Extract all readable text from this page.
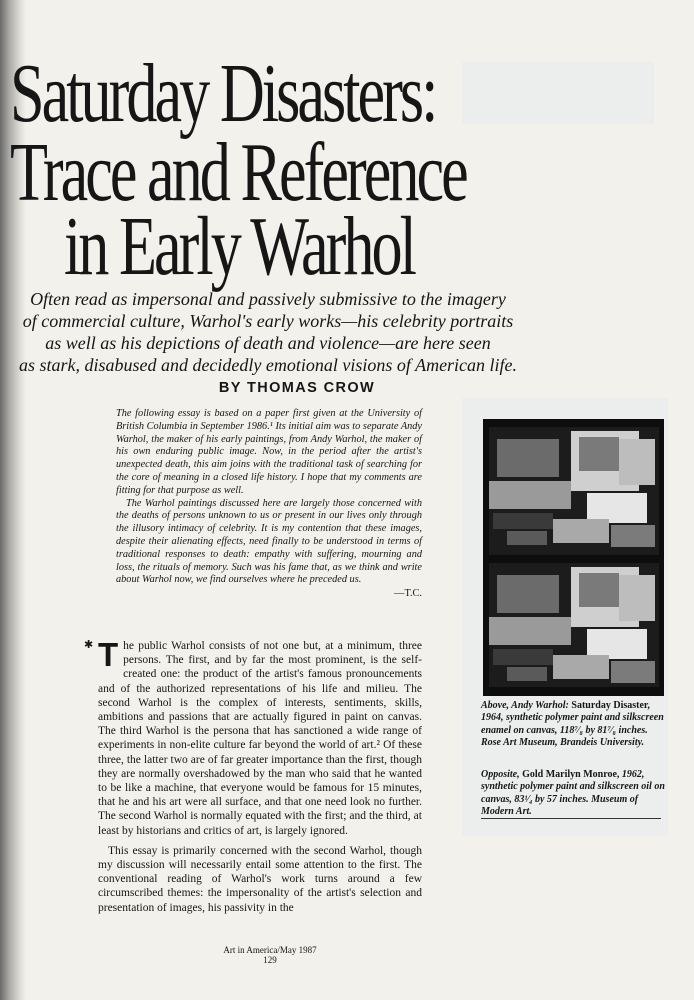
Saturday Disasters:
Trace and Reference
in Early Warhol
Often read as impersonal and passively submissive to the imagery
of commercial culture, Warhol's early works—his celebrity portraits
as well as his depictions of death and violence—are here seen
as stark, disabused and decidedly emotional visions of American life.
BY THOMAS CROW

The following essay is based on a paper first given at the University of British Columbia in September 1986.¹ Its initial aim was to separate Andy Warhol, the maker of his early paintings, from Andy Warhol, the maker of his own enduring public image. Now, in the period after the artist's unexpected death, this aim joins with the traditional task of searching for the core of meaning in a closed life history. I hope that my comments are fitting for that purpose as well.

The Warhol paintings discussed here are largely those concerned with the deaths of persons unknown to us or present in our lives only through the illusory intimacy of celebrity. It is my contention that these images, despite their alienating effects, need finally to be understood in terms of traditional responses to death: empathy with suffering, mourning and loss, the rituals of memory. Such was his fame that, as we think and write about Warhol now, we find ourselves where he preceded us.

—T.C.
✱ The public Warhol consists of not one but, at a minimum, three persons. The first, and by far the most prominent, is the self-created one: the product of the artist's famous pronouncements and of the authorized representations of his life and milieu. The second Warhol is the complex of interests, sentiments, skills, ambitions and passions that are actually figured in paint on canvas. The third Warhol is the persona that has sanctioned a wide range of experiments in non-elite culture far beyond the world of art.² Of these three, the latter two are of far greater importance than the first, though they are normally overshadowed by the man who said that he wanted to be like a machine, that everyone would be famous for 15 minutes, that he and his art were all surface, and that one need look no further. The second Warhol is normally equated with the first; and the third, at least by historians and critics of art, is largely ignored.

This essay is primarily concerned with the second Warhol, though my discussion will necessarily entail some attention to the first. The conventional reading of Warhol's work turns around a few circumscribed themes: the impersonality of the artist's selection and presentation of images, his passivity in the

Above, Andy Warhol: Saturday Disaster, 1964, synthetic polymer paint and silkscreen enamel on canvas, 118⁷⁄₈ by 81⁷⁄₈ inches. Rose Art Museum, Brandeis University.
Opposite, Gold Marilyn Monroe, 1962, synthetic polymer paint and silkscreen oil on canvas, 83¹⁄₄ by 57 inches. Museum of Modern Art.
Art in America/May 1987
129
